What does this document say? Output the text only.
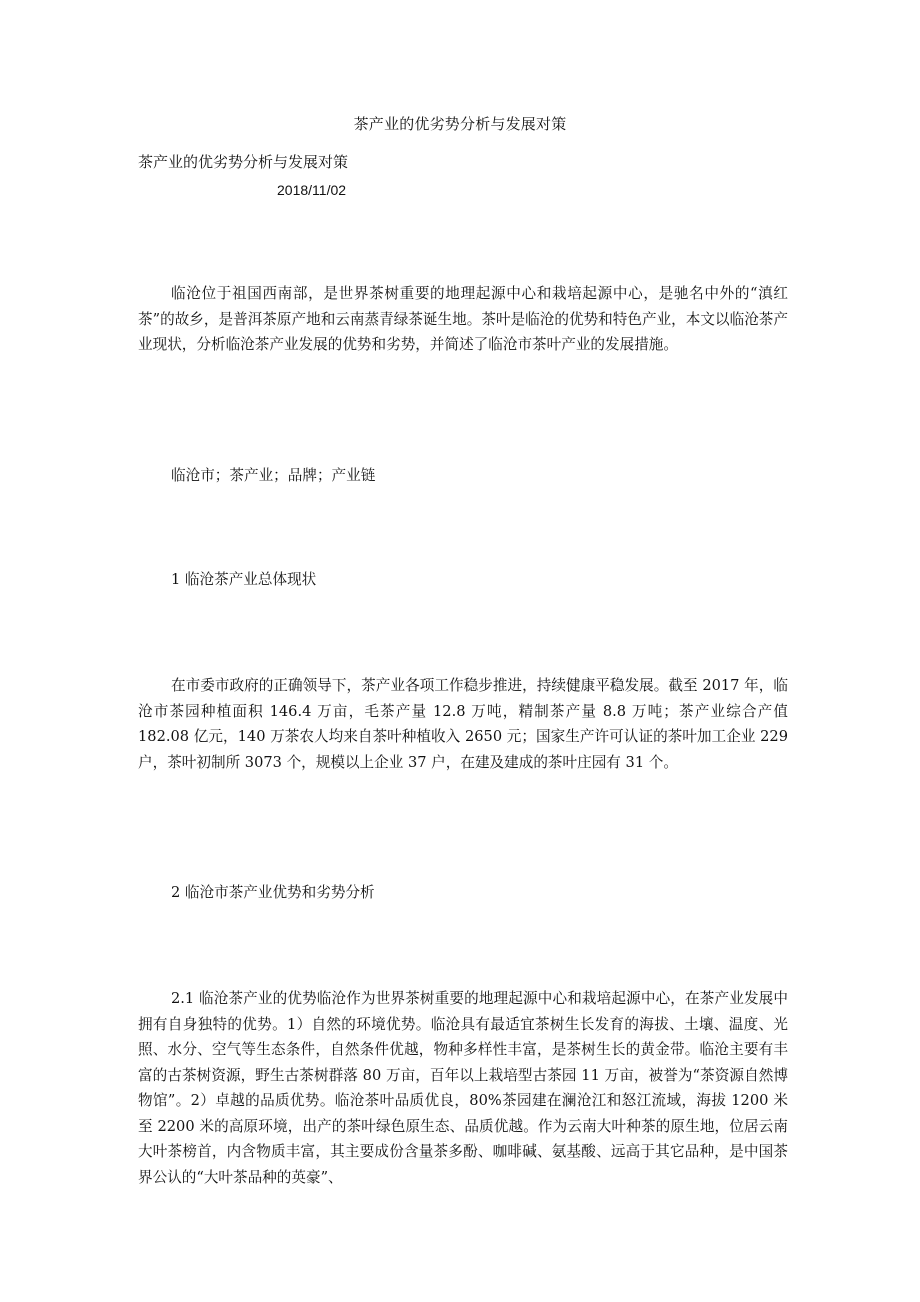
茶产业的优劣势分析与发展对策
茶产业的优劣势分析与发展对策
2018/11/02

临沧位于祖国西南部，是世界茶树重要的地理起源中心和栽培起源中心，是驰名中外的“滇红茶”的故乡，是普洱茶原产地和云南蒸青绿茶诞生地。茶叶是临沧的优势和特色产业，本文以临沧茶产业现状，分析临沧茶产业发展的优势和劣势，并简述了临沧市茶叶产业的发展措施。

临沧市；茶产业；品牌；产业链

1 临沧茶产业总体现状

在市委市政府的正确领导下，茶产业各项工作稳步推进，持续健康平稳发展。截至 2017 年，临沧市茶园种植面积 146.4 万亩，毛茶产量 12.8 万吨，精制茶产量 8.8 万吨；茶产业综合产值 182.08 亿元，140 万茶农人均来自茶叶种植收入 2650 元；国家生产许可认证的茶叶加工企业 229 户，茶叶初制所 3073 个，规模以上企业 37 户，在建及建成的茶叶庄园有 31 个。

2 临沧市茶产业优势和劣势分析

2.1 临沧茶产业的优势临沧作为世界茶树重要的地理起源中心和栽培起源中心，在茶产业发展中拥有自身独特的优势。1）自然的环境优势。临沧具有最适宜茶树生长发育的海拔、土壤、温度、光照、水分、空气等生态条件，自然条件优越，物种多样性丰富，是茶树生长的黄金带。临沧主要有丰富的古茶树资源，野生古茶树群落 80 万亩，百年以上栽培型古茶园 11 万亩，被誉为“茶资源自然博物馆”。2）卓越的品质优势。临沧茶叶品质优良，80%茶园建在澜沧江和怒江流域，海拔 1200 米至 2200 米的高原环境，出产的茶叶绿色原生态、品质优越。作为云南大叶种茶的原生地，位居云南大叶茶榜首，内含物质丰富，其主要成份含量茶多酚、咖啡碱、氨基酸、远高于其它品种，是中国茶界公认的“大叶茶品种的英豪”、
